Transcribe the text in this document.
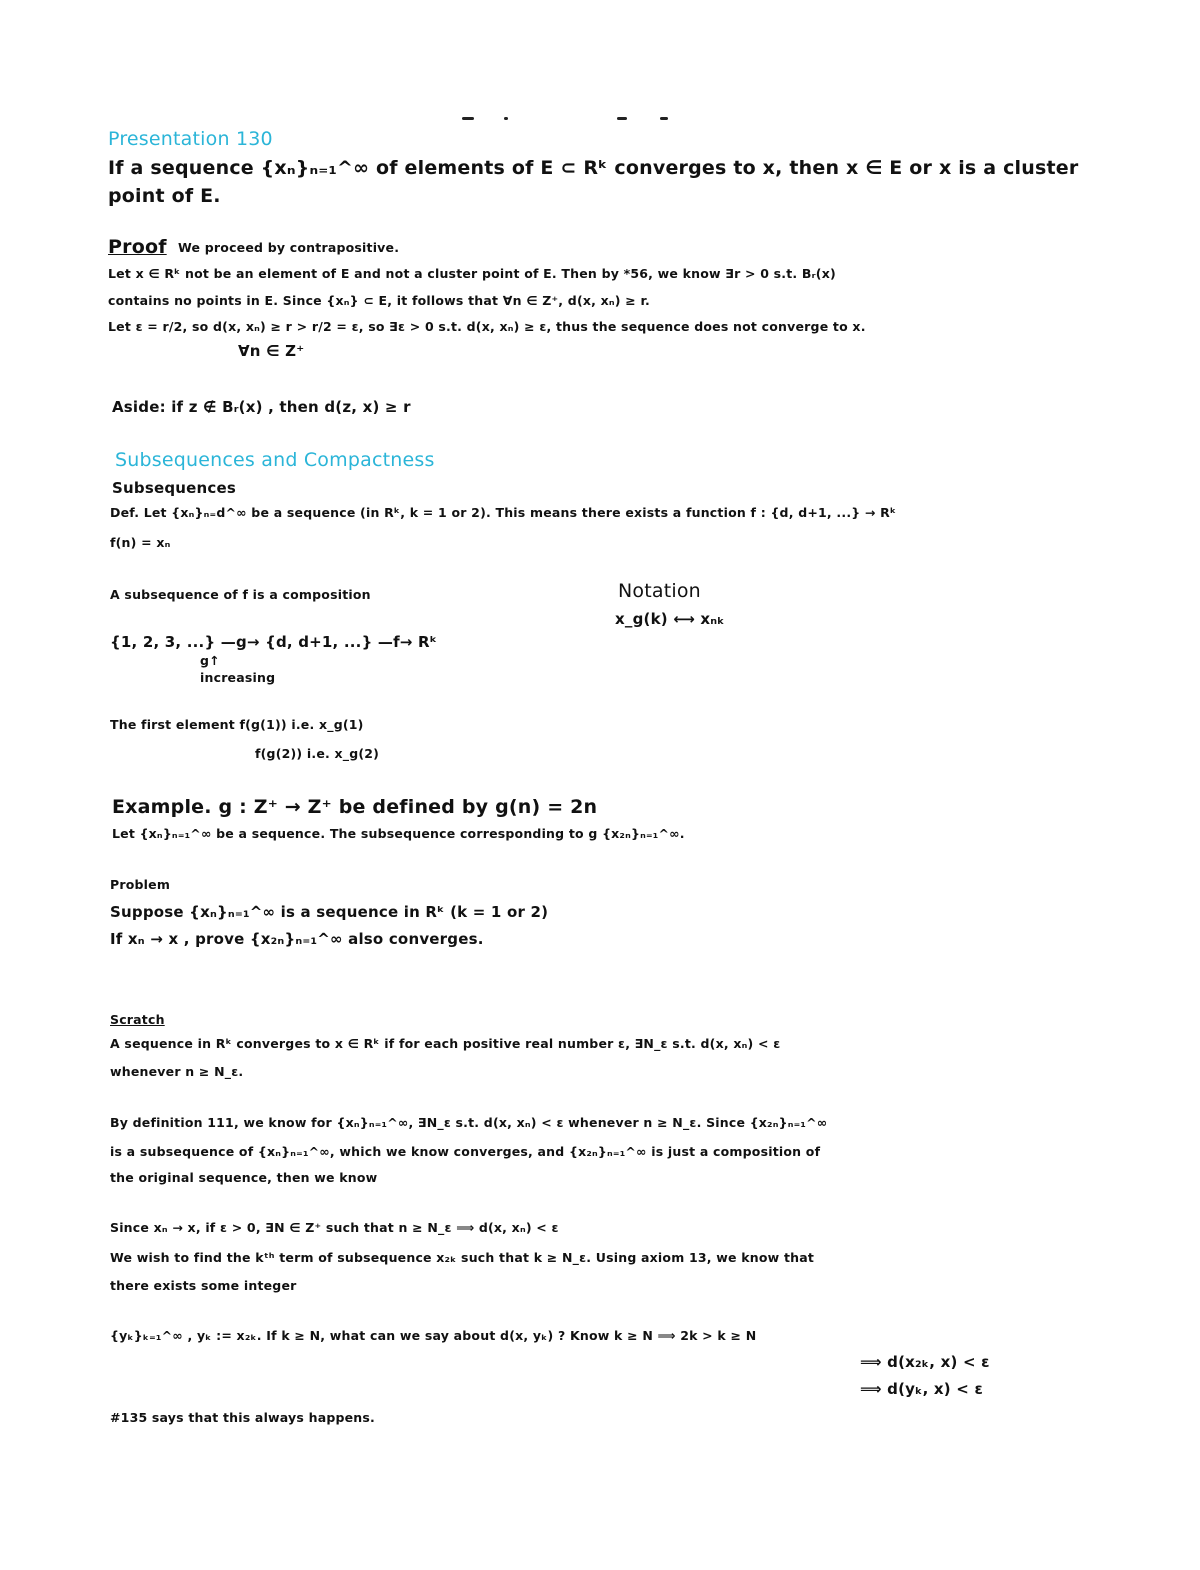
Presentation 130
If a sequence {xₙ}ₙ₌₁^∞ of elements of E ⊂ Rᵏ converges to x, then x ∈ E or x is a cluster
point of E.
Proof We proceed by contrapositive.
Let x ∈ Rᵏ not be an element of E and not a cluster point of E. Then by *56, we know ∃r > 0 s.t. Bᵣ(x)
contains no points in E. Since {xₙ} ⊂ E, it follows that ∀n ∈ Z⁺, d(x, xₙ) ≥ r.
Let ε = r/2, so d(x, xₙ) ≥ r > r/2 = ε, so ∃ε > 0 s.t. d(x, xₙ) ≥ ε, thus the sequence does not converge to x.
∀n ∈ Z⁺
Aside: if z ∉ Bᵣ(x) , then d(z, x) ≥ r
Subsequences and Compactness
Subsequences
Def. Let {xₙ}ₙ₌d^∞ be a sequence (in Rᵏ, k = 1 or 2). This means there exists a function f : {d, d+1, ...} → Rᵏ
f(n) = xₙ
A subsequence of f is a composition
{1, 2, 3, ...} —g→ {d, d+1, ...} —f→ Rᵏ
g↑
increasing
Notation
x_g(k) ⟷ xₙₖ
The first element f(g(1)) i.e. x_g(1)
f(g(2)) i.e. x_g(2)
Example. g : Z⁺ → Z⁺ be defined by g(n) = 2n
Let {xₙ}ₙ₌₁^∞ be a sequence. The subsequence corresponding to g {x₂ₙ}ₙ₌₁^∞.
Problem
Suppose {xₙ}ₙ₌₁^∞ is a sequence in Rᵏ (k = 1 or 2)
If xₙ → x , prove {x₂ₙ}ₙ₌₁^∞ also converges.
Scratch
A sequence in Rᵏ converges to x ∈ Rᵏ if for each positive real number ε, ∃N_ε s.t. d(x, xₙ) < ε
whenever n ≥ N_ε.
By definition 111, we know for {xₙ}ₙ₌₁^∞, ∃N_ε s.t. d(x, xₙ) < ε whenever n ≥ N_ε. Since {x₂ₙ}ₙ₌₁^∞
is a subsequence of {xₙ}ₙ₌₁^∞, which we know converges, and {x₂ₙ}ₙ₌₁^∞ is just a composition of
the original sequence, then we know
Since xₙ → x, if ε > 0, ∃N ∈ Z⁺ such that n ≥ N_ε ⟹ d(x, xₙ) < ε
We wish to find the kᵗʰ term of subsequence x₂ₖ such that k ≥ N_ε. Using axiom 13, we know that
there exists some integer
{yₖ}ₖ₌₁^∞ , yₖ := x₂ₖ. If k ≥ N, what can we say about d(x, yₖ) ? Know k ≥ N ⟹ 2k > k ≥ N
⟹ d(x₂ₖ, x) < ε
⟹ d(yₖ, x) < ε
#135 says that this always happens.
